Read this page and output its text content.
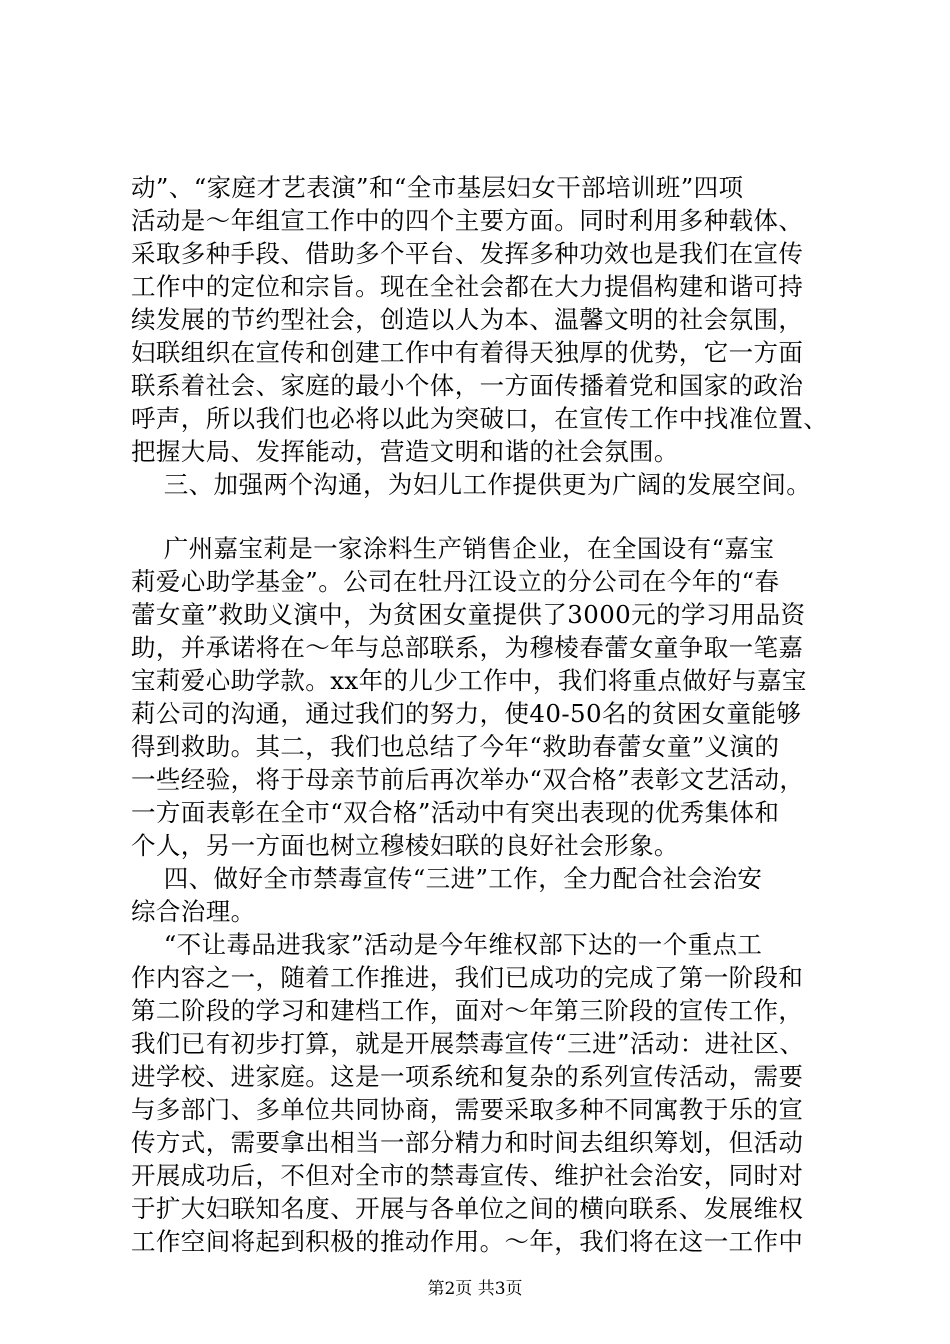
动”、“家庭才艺表演”和“全市基层妇女干部培训班”四项
活动是～年组宣工作中的四个主要方面。同时利用多种载体、
采取多种手段、借助多个平台、发挥多种功效也是我们在宣传
工作中的定位和宗旨。现在全社会都在大力提倡构建和谐可持
续发展的节约型社会，创造以人为本、温馨文明的社会氛围，
妇联组织在宣传和创建工作中有着得天独厚的优势，它一方面
联系着社会、家庭的最小个体，一方面传播着党和国家的政治
呼声，所以我们也必将以此为突破口，在宣传工作中找准位置、
把握大局、发挥能动，营造文明和谐的社会氛围。
三、加强两个沟通，为妇儿工作提供更为广阔的发展空间。
广州嘉宝莉是一家涂料生产销售企业，在全国设有“嘉宝
莉爱心助学基金”。公司在牡丹江设立的分公司在今年的“春
蕾女童”救助义演中，为贫困女童提供了3000元的学习用品资
助，并承诺将在～年与总部联系，为穆棱春蕾女童争取一笔嘉
宝莉爱心助学款。xx年的儿少工作中，我们将重点做好与嘉宝
莉公司的沟通，通过我们的努力，使40-50名的贫困女童能够
得到救助。其二，我们也总结了今年“救助春蕾女童”义演的
一些经验，将于母亲节前后再次举办“双合格”表彰文艺活动，
一方面表彰在全市“双合格”活动中有突出表现的优秀集体和
个人，另一方面也树立穆棱妇联的良好社会形象。
四、做好全市禁毒宣传“三进”工作，全力配合社会治安
综合治理。
“不让毒品进我家”活动是今年维权部下达的一个重点工
作内容之一，随着工作推进，我们已成功的完成了第一阶段和
第二阶段的学习和建档工作，面对～年第三阶段的宣传工作，
我们已有初步打算，就是开展禁毒宣传“三进”活动：进社区、
进学校、进家庭。这是一项系统和复杂的系列宣传活动，需要
与多部门、多单位共同协商，需要采取多种不同寓教于乐的宣
传方式，需要拿出相当一部分精力和时间去组织筹划，但活动
开展成功后，不但对全市的禁毒宣传、维护社会治安，同时对
于扩大妇联知名度、开展与各单位之间的横向联系、发展维权
工作空间将起到积极的推动作用。～年，我们将在这一工作中
第2页 共3页
